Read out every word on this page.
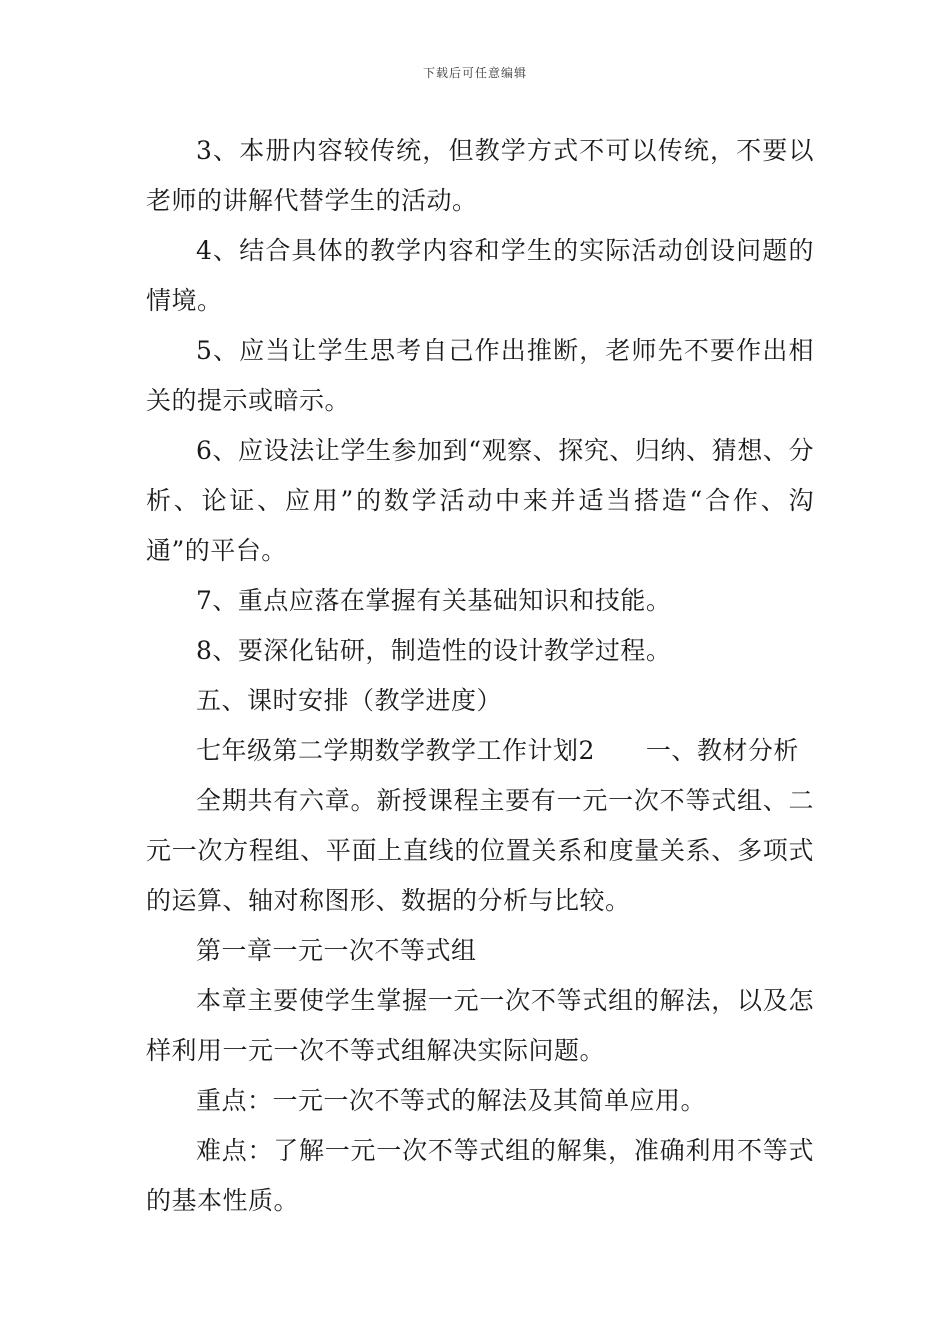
下载后可任意编辑

3、本册内容较传统，但教学方式不可以传统，不要以老师的讲解代替学生的活动。

4、结合具体的教学内容和学生的实际活动创设问题的情境。

5、应当让学生思考自己作出推断，老师先不要作出相关的提示或暗示。

6、应设法让学生参加到“观察、探究、归纳、猜想、分析、论证、应用”的数学活动中来并适当搭造“合作、沟通”的平台。

7、重点应落在掌握有关基础知识和技能。

8、要深化钻研，制造性的设计教学过程。

五、课时安排（教学进度）

七年级第二学期数学教学工作计划2　　一、教材分析

全期共有六章。新授课程主要有一元一次不等式组、二元一次方程组、平面上直线的位置关系和度量关系、多项式的运算、轴对称图形、数据的分析与比较。

第一章一元一次不等式组

本章主要使学生掌握一元一次不等式组的解法，以及怎样利用一元一次不等式组解决实际问题。

重点：一元一次不等式的解法及其简单应用。

难点：了解一元一次不等式组的解集，准确利用不等式的基本性质。
